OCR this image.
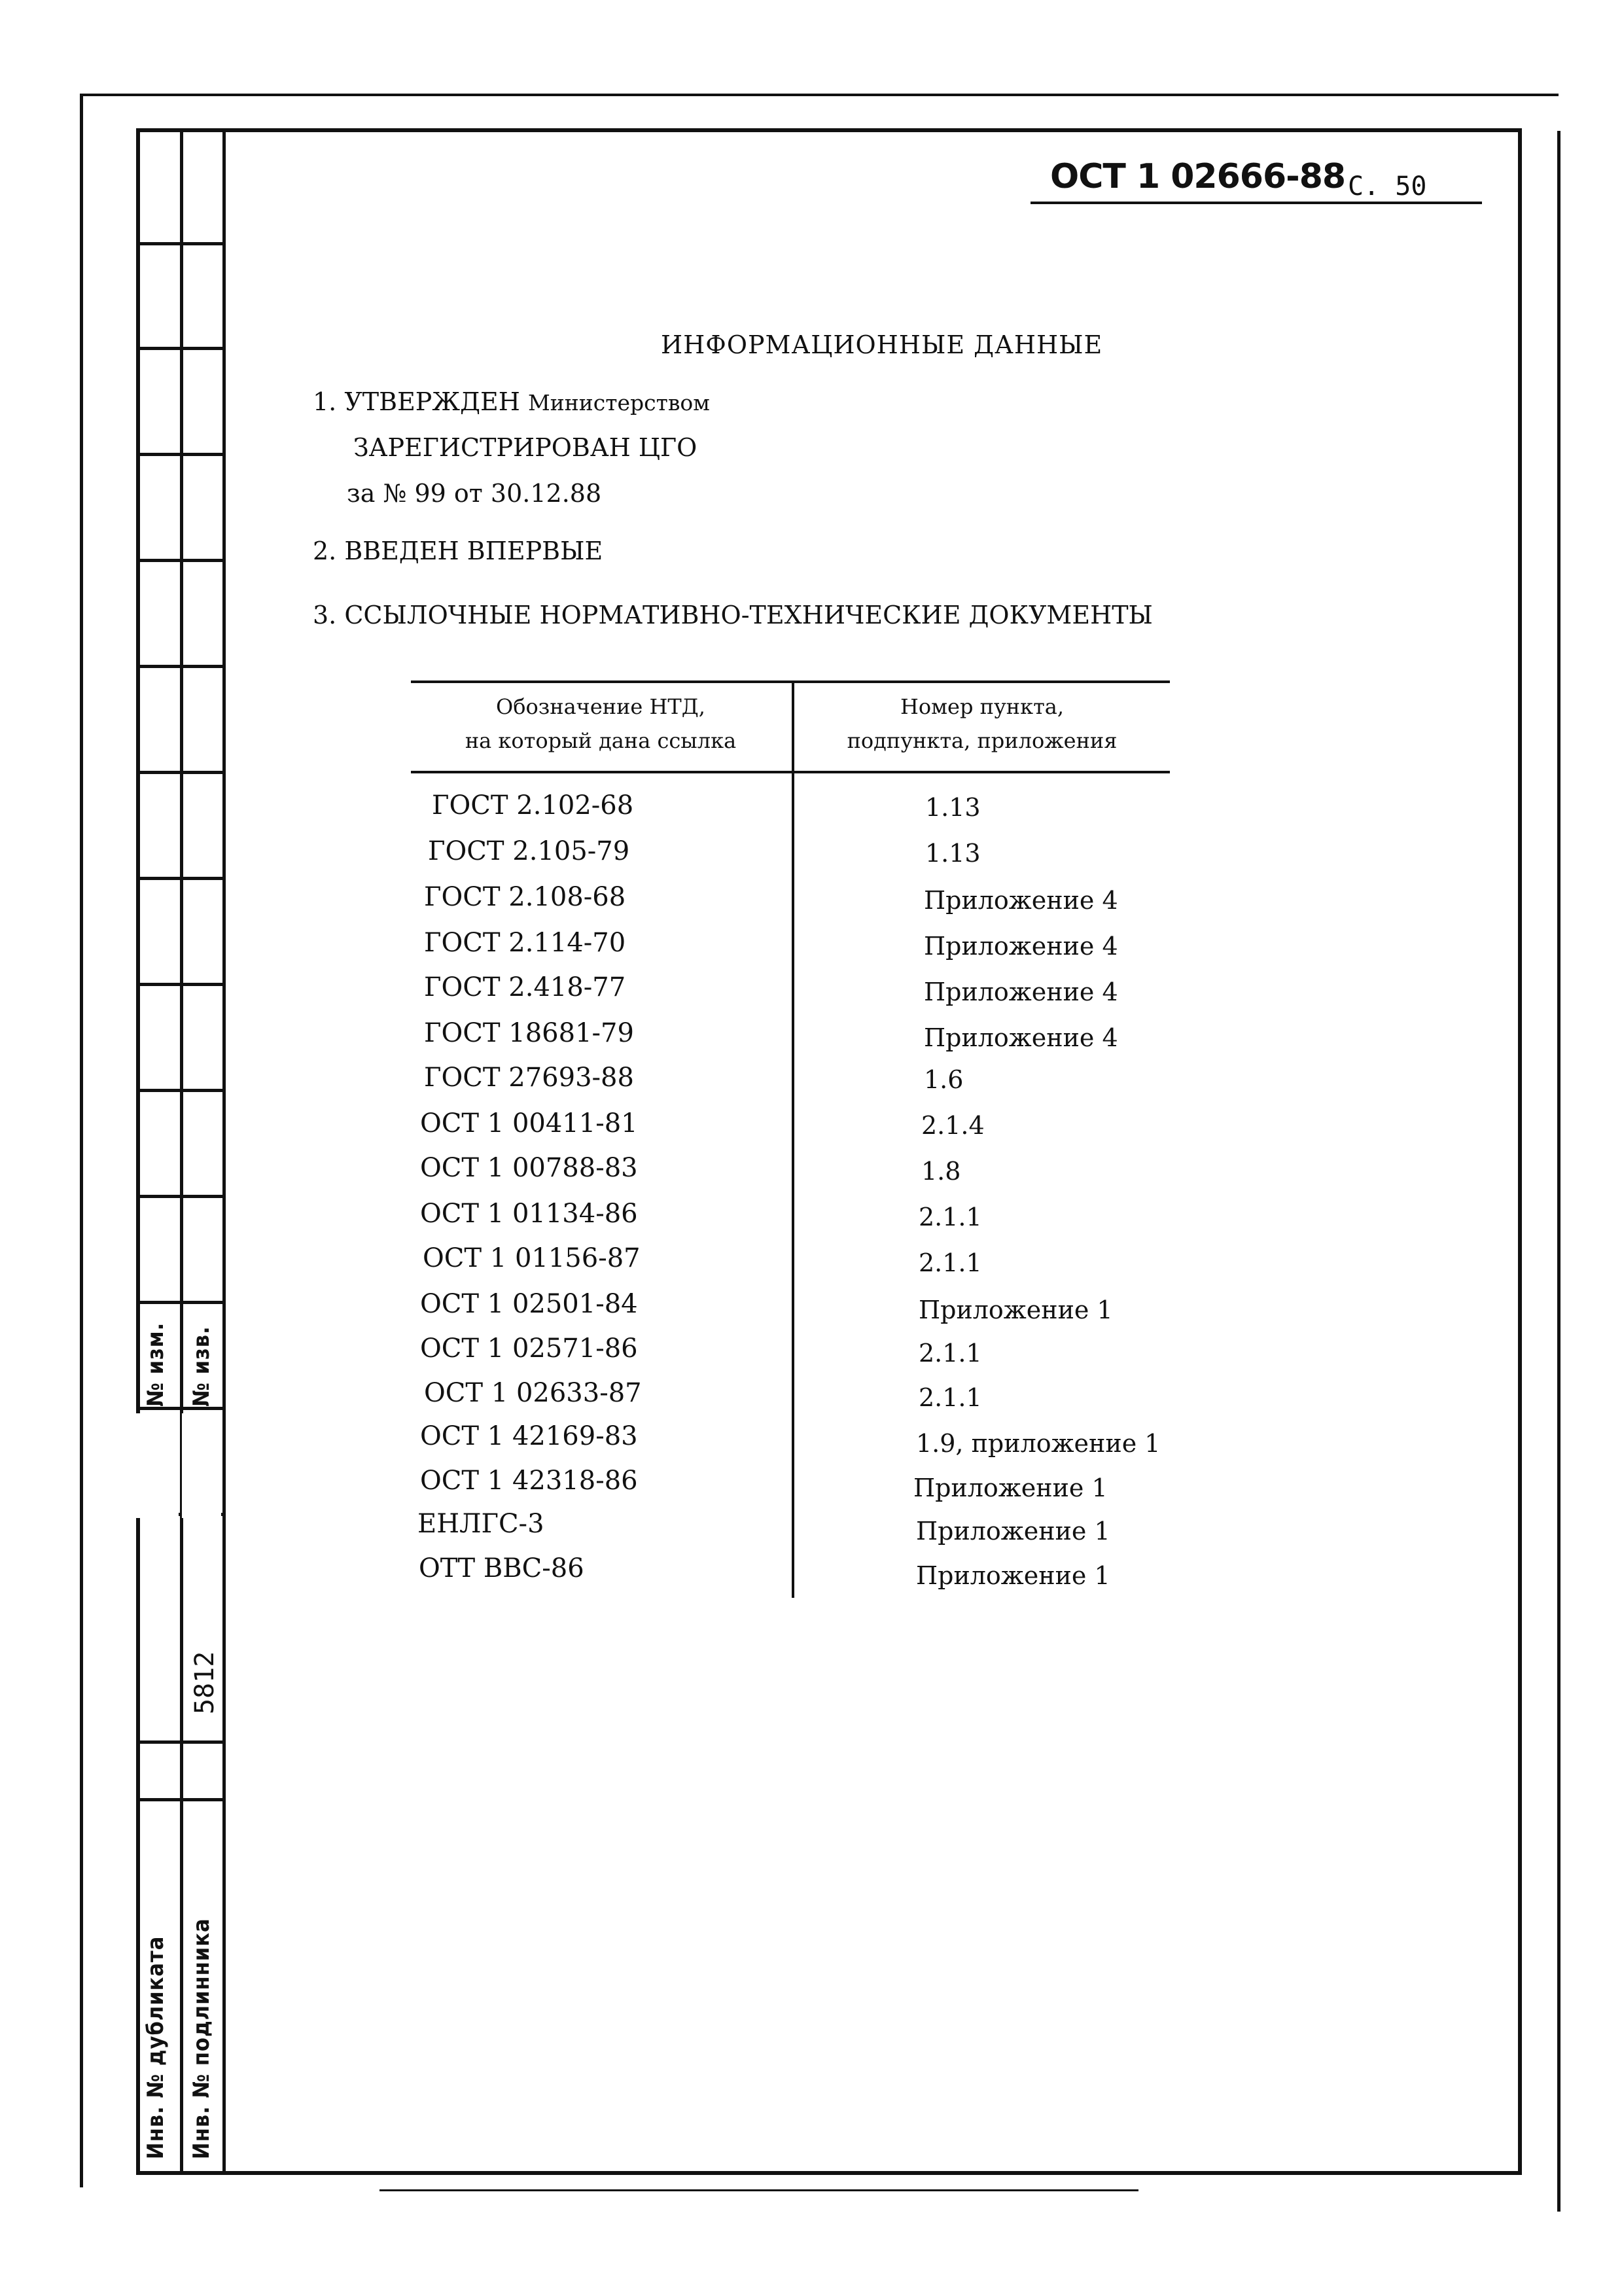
№ изм. № изв.
Инв. № дубликата Инв. № подлинника
5812
ОСТ 1 02666-88 С. 50
ИНФОРМАЦИОННЫЕ ДАННЫЕ
1. УТВЕРЖДЕН Министерством
ЗАРЕГИСТРИРОВАН ЦГО
за № 99 от 30.12.88
2. ВВЕДЕН ВПЕРВЫЕ
3. ССЫЛОЧНЫЕ НОРМАТИВНО-ТЕХНИЧЕСКИЕ ДОКУМЕНТЫ
Обозначение НТД,
на который дана ссылка
Номер пункта,
подпункта, приложения
ГОСТ 2.102-68	1.13
ГОСТ 2.105-79	1.13
ГОСТ 2.108-68	Приложение 4
ГОСТ 2.114-70	Приложение 4
ГОСТ 2.418-77	Приложение 4
ГОСТ 18681-79	Приложение 4
ГОСТ 27693-88	1.6
ОСТ 1 00411-81	2.1.4
ОСТ 1 00788-83	1.8
ОСТ 1 01134-86	2.1.1
ОСТ 1 01156-87	2.1.1
ОСТ 1 02501-84	Приложение 1
ОСТ 1 02571-86	2.1.1
ОСТ 1 02633-87	2.1.1
ОСТ 1 42169-83	1.9, приложение 1
ОСТ 1 42318-86	Приложение 1
ЕНЛГС-3	Приложение 1
ОТТ ВВС-86	Приложение 1
